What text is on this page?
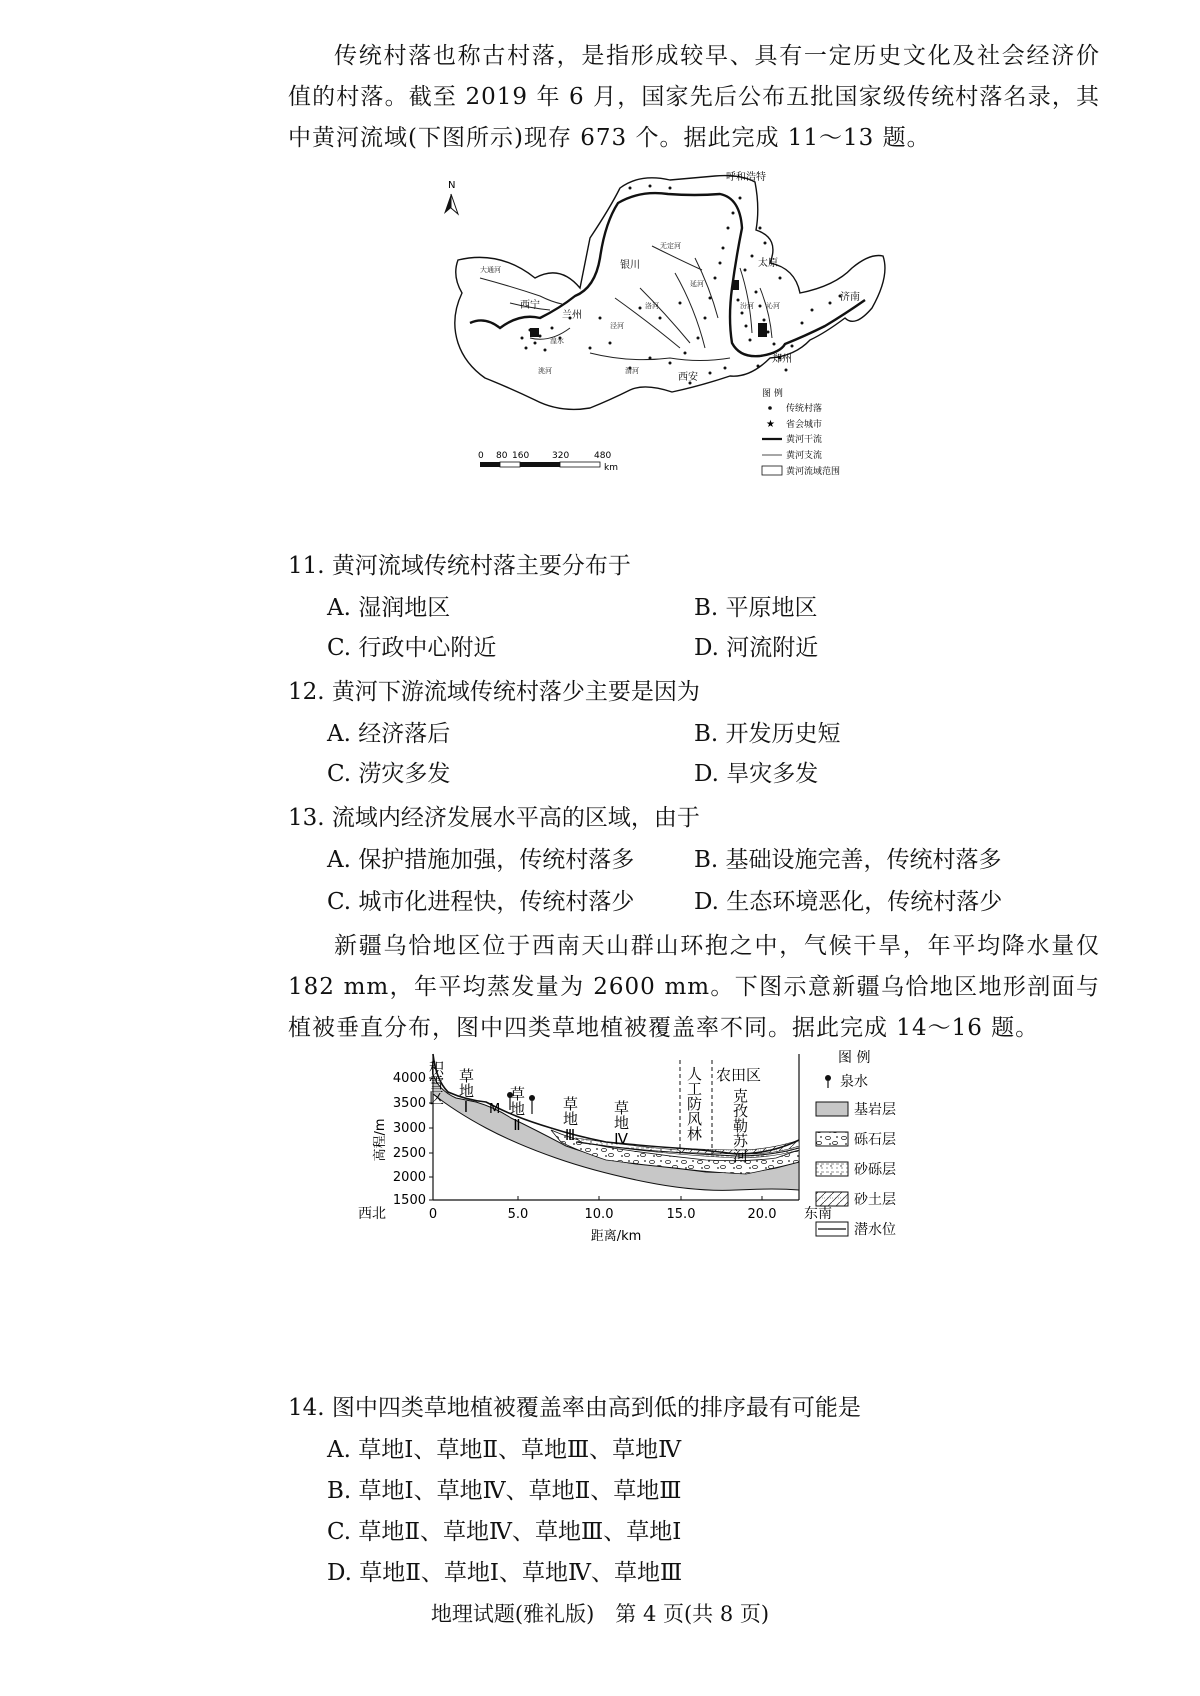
传统村落也称古村落，是指形成较早、具有一定历史文化及社会经济价值的村落。截至 2019 年 6 月，国家先后公布五批国家级传统村落名录，其中黄河流域(下图所示)现存 673 个。据此完成 11～13 题。

N
呼和浩特
银川	太原
济南
西宁
兰州
郑州
西安
大通河
湟水
洮河	渭河
泾河
洛河
延河
汾河 沁河
无定河
0 80 160	320	480
km
图 例
传统村落
★ 省会城市
黄河干流
黄河支流
黄河流域范围
11. 黄河流域传统村落主要分布于
A. 湿润地区	B. 平原地区
C. 行政中心附近	D. 河流附近
12. 黄河下游流域传统村落少主要是因为
A. 经济落后	B. 开发历史短
C. 涝灾多发	D. 旱灾多发
13. 流域内经济发展水平高的区域，由于
A. 保护措施加强，传统村落多	B. 基础设施完善，传统村落多
C. 城市化进程快，传统村落少	D. 生态环境恶化，传统村落少

新疆乌恰地区位于西南天山群山环抱之中，气候干旱，年平均降水量仅 182 mm，年平均蒸发量为 2600 mm。下图示意新疆乌恰地区地形剖面与植被垂直分布，图中四类草地植被覆盖率不同。据此完成 14～16 题。

4000
3500
3000
2500
2000
1500
高程/m
0	5.0	10.0	15.0	20.0
西北	东南
距离/km
积雪区 草地Ⅰ M 草地Ⅱ 草地Ⅲ 草地Ⅳ	人工防风林 农田区
克孜勒苏河
图 例
泉水
基岩层
砾石层
砂砾层
砂土层
潜水位
14. 图中四类草地植被覆盖率由高到低的排序最有可能是
A. 草地Ⅰ、草地Ⅱ、草地Ⅲ、草地Ⅳ
B. 草地Ⅰ、草地Ⅳ、草地Ⅱ、草地Ⅲ
C. 草地Ⅱ、草地Ⅳ、草地Ⅲ、草地Ⅰ
D. 草地Ⅱ、草地Ⅰ、草地Ⅳ、草地Ⅲ
地理试题(雅礼版)　第 4 页(共 8 页)
